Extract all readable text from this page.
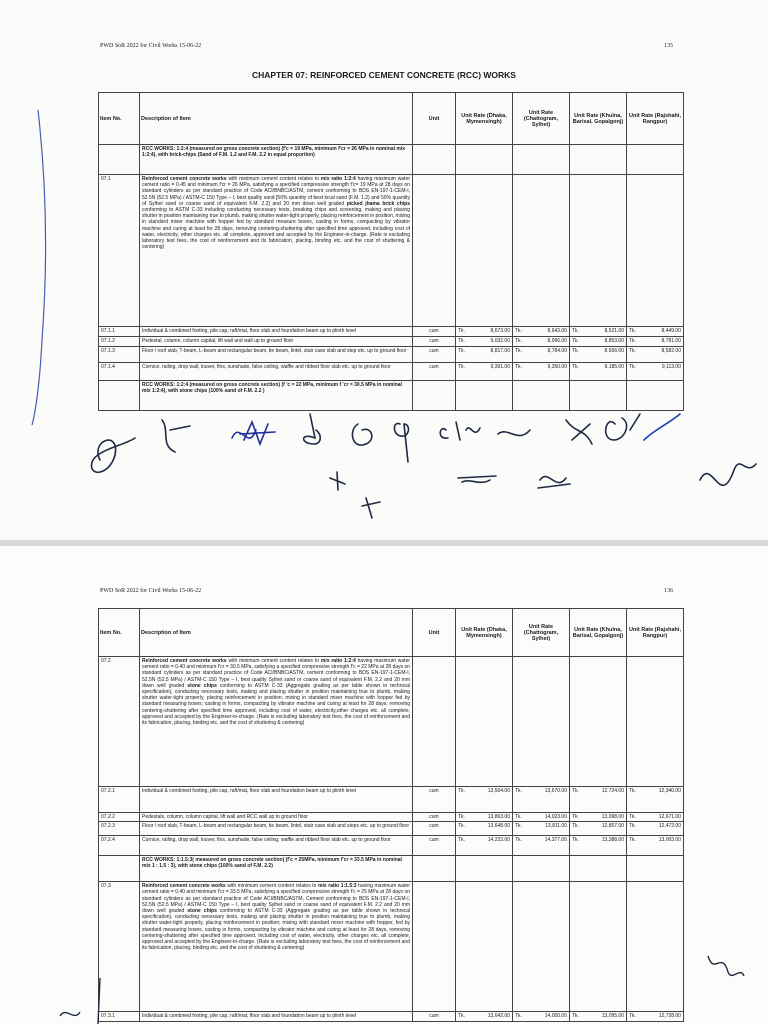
PWD SoR 2022 for Civil Works 15-06-22	135
CHAPTER 07: REINFORCED CEMENT CONCRETE (RCC) WORKS
Item No.	Description of Item	Unit	Unit Rate (Dhaka, Mymensingh)	Unit Rate (Chattogram, Sylhet)	Unit Rate (Khulna, Barisal, Gopalgonj)	Unit Rate (Rajshahi, Rangpur)
	RCC WORKS: 1:2:4 (measured on gross concrete section) (f'c = 19 MPa, minimum f'cr = 26 MPa in nominal mix 1:2:4), with brick-chips (Sand of F.M. 1.2 and F.M. 2.2 in equal proportion)					
07.1	Reinforced cement concrete works with minimum cement content relates to mix ratio 1:2:4 having maximum water cement ratio = 0.45 and minimum f'cr = 26 MPa, satisfying a specified compressive strength f'c= 19 MPa at 28 days on standard cylinders as per standard practice of Code ACI/BNBC/ASTM, cement conforming to BDS EN-197-1-CEM-I, 52.5N (52.5 MPa) / ASTM-C 150 Type – I, best quality sand [50% quantity of best local sand (F.M. 1.2) and 50% quantity of Sylhet sand or coarse sand of equivalent F.M. 2.2] and 20 mm down well graded picked jhama brick chips conforming to ASTM C-33 including conducting necessary tests, breaking chips and screening, making and placing shutter in position maintaining true to plumb, making shutter water-tight properly, placing reinforcement in position, mixing in standard mixer machine with hopper fed by standard measure boxes, casting in forms, compacting by vibrator machine and curing at least for 28 days, removing centering-shuttering after specified time approved, including cost of water, electricity, other charges etc. all complete, approved and accepted by the Engineer-in-charge. (Rate is excluding laboratory test fees, the cost of reinforcement and its fabrication, placing, binding etc. and the cost of shuttering & centering)					
07.1.1	Individual & combined footing, pile cap, raft/mat, floor slab and foundation beam up to plinth level	cum	Tk. 8,673.00	Tk. 8,643.00	Tk. 8,521.00	Tk. 8,449.00
07.1.2	Pedestal, column, column capital, lift wall and wall up to ground floor	cum	Tk. 9,032.00	Tk. 8,996.00	Tk. 8,853.00	Tk. 8,781.00
07.1.3	Floor / roof slab, T-beam, L-beam and rectangular beam, tie beam, lintel, stair case slab and step etc. up to ground floor	cum	Tk. 8,817.00	Tk. 8,784.00	Tk. 8,656.00	Tk. 8,582.00
07.1.4	Cornice, railing, drop wall, louver, fins, sunshade, false ceiling, waffle and ribbed floor slab etc. up to ground floor	cum	Tk. 9,391.00	Tk. 9,350.00	Tk. 9,185.00	Tk. 9,113.00
	RCC WORKS: 1:2:4 (measured on gross concrete section) (f 'c = 22 MPa, minimum f 'cr = 30.5 MPa in nominal mix 1:2:4), with stone chips (100% sand of F.M. 2.2 )					
PWD SoR 2022 for Civil Works 15-06-22	136
Item No.	Description of Item	Unit	Unit Rate (Dhaka, Mymensingh)	Unit Rate (Chattogram, Sylhet)	Unit Rate (Khulna, Barisal, Gopalgonj)	Unit Rate (Rajshahi, Rangpur)
07.2	Reinforced cement concrete works with minimum cement content relates to mix ratio 1:2:4 having maximum water cement ratio = 0.40 and minimum f'cr = 30.5 MPa, satisfying a specified compressive strength f'c = 22 MPa at 28 days on standard cylinders as per standard practice of Code ACI/BNBC/ASTM, cement conforming to BDS EN-197-1-CEM-I, 52.5N (52.5 MPa) / ASTM-C 150 Type – I, best quality Sylhet sand or coarse sand of equivalent F.M. 2.2 and 20 mm down well graded stone chips conforming to ASTM C-33 (Aggregate grading as per table shown in technical specification), conducting necessary tests, making and placing shutter in position maintaining true to plumb, making shutter water-tight properly, placing reinforcement in position; mixing in standard mixer machine with hopper fed by standard measuring boxes; casting in forms, compacting by vibrator machine and curing at least for 28 days, removing centering-shuttering after specified time approved, including cost of water, electricity,other charges etc. all complete, approved and accepted by the Engineer-in-charge. (Rate is excluding laboratory test fees, the cost of reinforcement and its fabrication, placing, binding etc. and the cost of shuttering & centering)					
07.2.1	Individual & combined footing, pile cap, raft/mat, floor slab and foundation beam up to plinth level	cum	Tk. 13,504.00	Tk. 13,670.00	Tk. 12,724.00	Tk. 12,340.00
07.2.2	Pedestals, column, column capital, lift wall and RCC wall up to ground floor	cum	Tk. 13,863.00	Tk. 14,023.00	Tk. 13,098.00	Tk. 12,671.00
07.2.3	Floor / roof slab, T-beam, L-beam and rectangular beam, tie beam, lintel, stair case slab and steps etc. up to ground floor	cum	Tk. 13,648.00	Tk. 13,811.00	Tk. 12,857.00	Tk. 12,472.00
07.2.4	Cornice, railing, drop wall, louver, fins, sunshade, false ceiling, waffle and ribbed floor slab etc. up to ground floor	cum	Tk. 14,223.00	Tk. 14,377.00	Tk. 13,388.00	Tk. 13,003.00
	RCC WORKS: 1:1.5:3( measured on gross concrete section) (f'c = 25MPa, minimum f'cr = 33.5 MPa in nominal mix 1 : 1.5 : 3), with stone chips (100% sand of F.M. 2.2)					
07.3	Reinforced cement concrete works with minimum cement content relates to mix ratio 1:1.5:3 having maximum water cement ratio = 0.40 and minimum f'cr = 33.5 MPa, satisfying a specified compressive strength f'c = 25 MPa at 28 days on standard cylinders as per standard practice of Code ACI/BNBC/ASTM, Cement conforming to BDS EN-197-1-CEM-I, 52.5N (52.5 MPa) / ASTM-C 150 Type – I, best quality Sylhet sand or coarse sand of equivalent F.M. 2.2 and 20 mm down well graded stone chips conforming to ASTM C-33 (Aggregate grading as per table shown in technical specification), conducting necessary tests, making and placing shutter in position maintaining true to plumb, making shutter water-tight properly, placing reinforcement in position; mixing with standard mixer machine with hopper, fed by standard measuring boxes, casting in forms, compacting by vibrator machine and curing at least for 28 days, removing centering-shuttering after specified time approved, including cost of water, electricity, other charges etc. all complete, approved and accepted by the Engineer-in-charge. (Rate is excluding laboratory test fees, the cost of reinforcement and its fabrication, placing, binding etc. and the cost of shuttering & centering)					
07.3.1	Individual & combined footing, pile cap, raft/mat, floor slab and foundation beam up to plinth level	cum	Tk. 13,642.00	Tk. 14,000.00	Tk. 13,095.00	Tk. 12,728.00
